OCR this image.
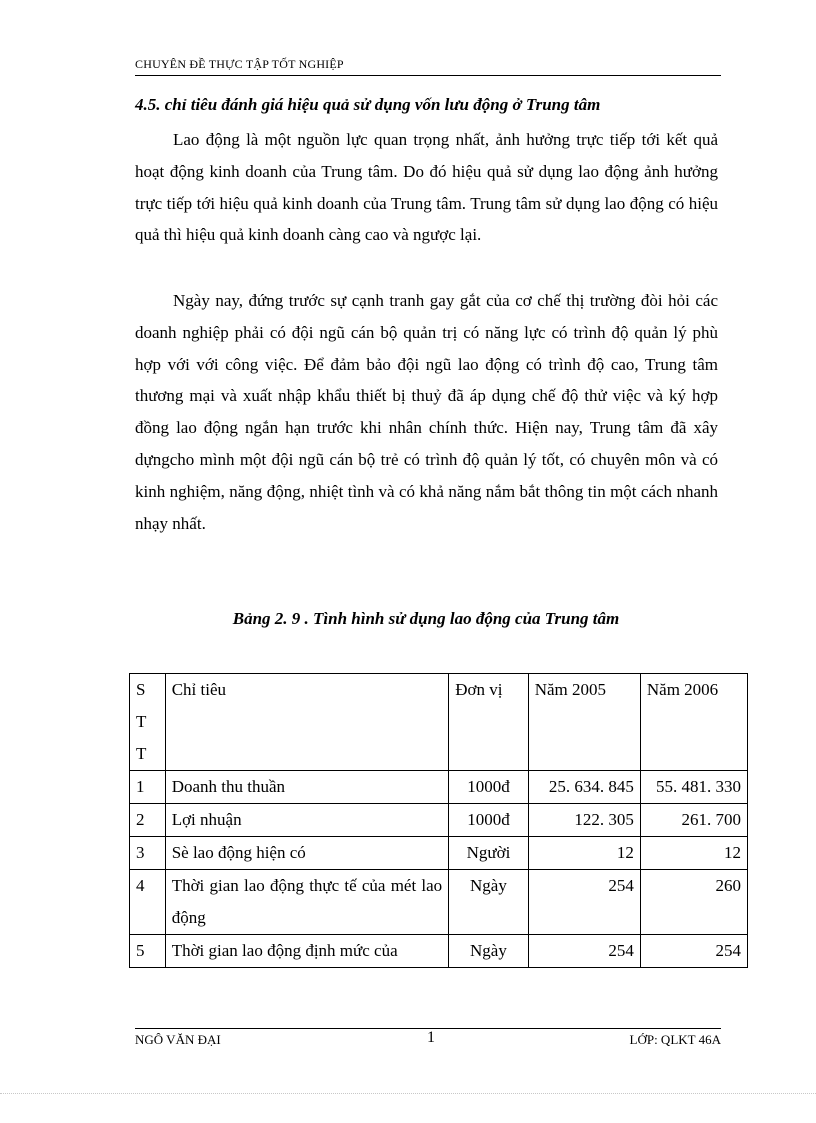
CHUYÊN ĐỀ THỰC TẬP TỐT NGHIỆP
4.5. chỉ tiêu đánh giá hiệu quả sử dụng vốn lưu động ở Trung tâm

Lao động là một nguồn lực quan trọng nhất, ảnh hưởng trực tiếp tới kết quả hoạt động kinh doanh của Trung tâm. Do đó hiệu quả sử dụng lao động ảnh hưởng trực tiếp tới hiệu quả kinh doanh của Trung tâm. Trung tâm sử dụng lao động có hiệu quả thì hiệu quả kinh doanh càng cao và ngược lại.

Ngày nay, đứng trước sự cạnh tranh gay gắt của cơ chế thị trường đòi hỏi các doanh nghiệp phải có đội ngũ cán bộ quản trị có năng lực có trình độ quản lý phù hợp với với công việc. Để đảm bảo đội ngũ lao động có trình độ cao, Trung tâm thương mại và xuất nhập khẩu thiết bị thuỷ đã áp dụng chế độ thử việc và ký hợp đồng lao động ngắn hạn trước khi nhân chính thức. Hiện nay, Trung tâm đã xây dựngcho mình một đội ngũ cán bộ trẻ có trình độ quản lý tốt, có chuyên môn và có kinh nghiệm, năng động, nhiệt tình và có khả năng nắm bắt thông tin một cách nhanh nhạy nhất.

Bảng 2. 9 . Tình hình sử dụng lao động của Trung tâm
S
T
T	Chỉ tiêu	Đơn vị	Năm 2005	Năm 2006
1	Doanh thu thuần	1000đ	25. 634. 845	55. 481. 330
2	Lợi nhuận	1000đ	122. 305	261. 700
3	Sè lao động hiện có	Người	12	12
4	Thời gian lao động thực tế của mét lao động	Ngày	254	260
5	Thời gian lao động định mức của	Ngày	254	254
NGÔ VĂN ĐẠI	1	LỚP: QLKT 46A
